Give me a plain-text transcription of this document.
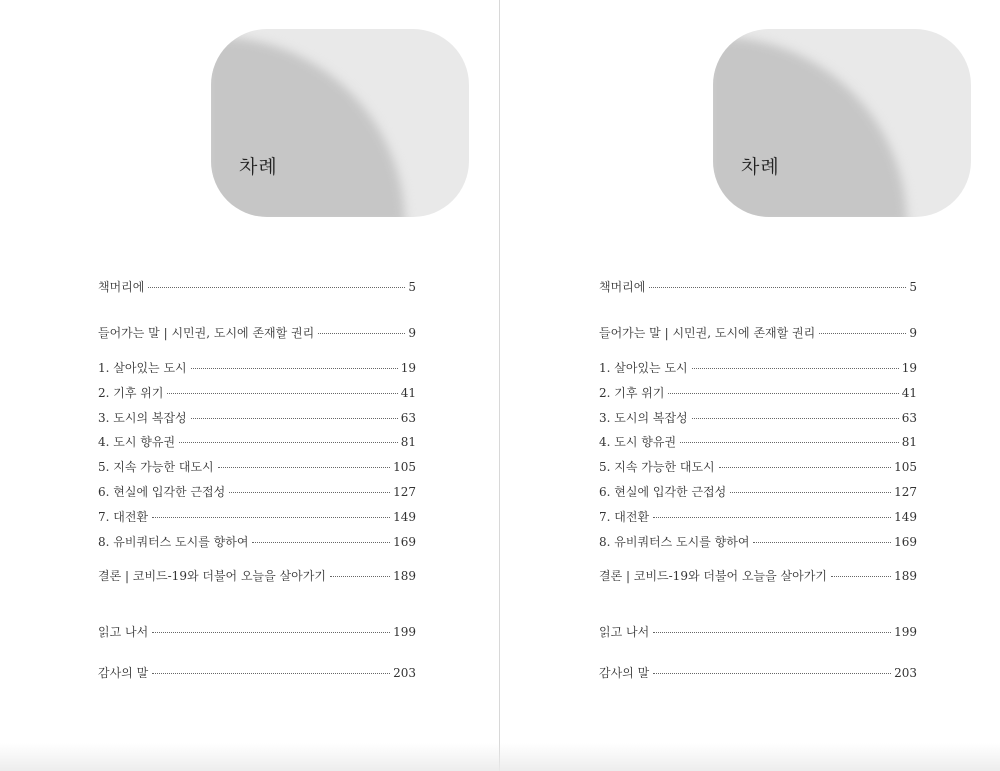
차례
책머리에	5
들어가는 말 | 시민권, 도시에 존재할 권리	9
1. 살아있는 도시	19
2. 기후 위기	41
3. 도시의 복잡성	63
4. 도시 향유권	81
5. 지속 가능한 대도시	105
6. 현실에 입각한 근접성	127
7. 대전환	149
8. 유비쿼터스 도시를 향하여	169
결론 | 코비드-19와 더불어 오늘을 살아가기	189
읽고 나서	199
감사의 말	203
차례
책머리에	5
들어가는 말 | 시민권, 도시에 존재할 권리	9
1. 살아있는 도시	19
2. 기후 위기	41
3. 도시의 복잡성	63
4. 도시 향유권	81
5. 지속 가능한 대도시	105
6. 현실에 입각한 근접성	127
7. 대전환	149
8. 유비쿼터스 도시를 향하여	169
결론 | 코비드-19와 더불어 오늘을 살아가기	189
읽고 나서	199
감사의 말	203
